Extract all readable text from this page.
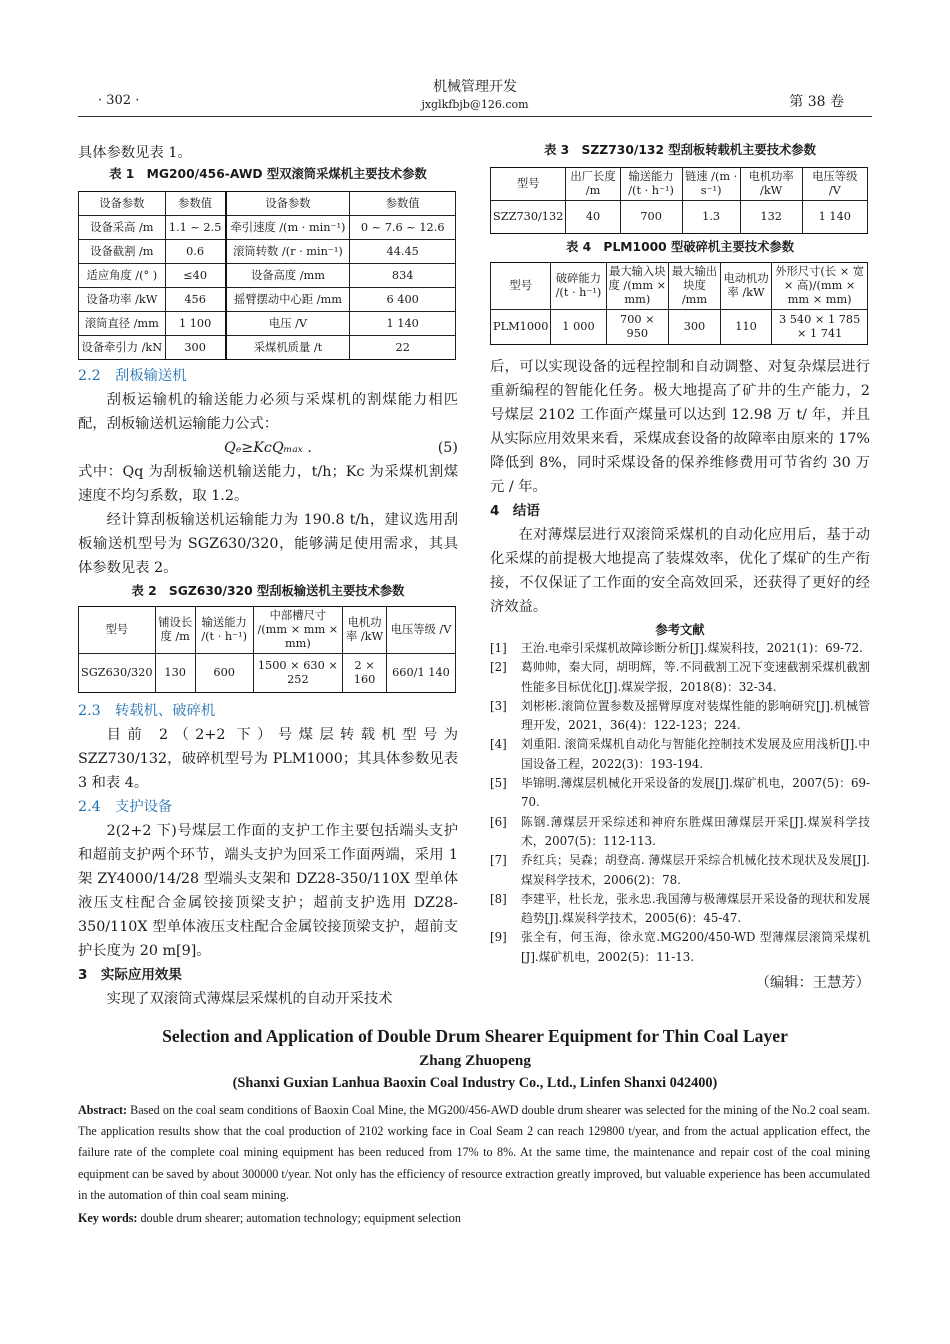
· 302 ·
机械管理开发
jxglkfbjb@126.com	第 38 卷

具体参数见表 1。

表 1　MG200/456-AWD 型双滚筒采煤机主要技术参数

设备参数	参数值	设备参数	参数值
设备采高 /m	1.1 ~ 2.5	牵引速度 /(m · min⁻¹)	0 ~ 7.6 ~ 12.6
设备截割 /m	0.6	滚筒转数 /(r · min⁻¹)	44.45
适应角度 /(° )	≤40	设备高度 /mm	834
设备功率 /kW	456	摇臂摆动中心距 /mm	6 400
滚筒直径 /mm	1 100	电压 /V	1 140
设备牵引力 /kN	300	采煤机质量 /t	22

2.2　刮板输送机

刮板运输机的输送能力必须与采煤机的割煤能力相匹配，刮板输送机运输能力公式：

Qₑ≥KᴄQₘₐₓ .	(5)

式中：Qq 为刮板输送机输送能力，t/h；Kc 为采煤机割煤速度不均匀系数，取 1.2。

经计算刮板输送机运输能力为 190.8 t/h，建议选用刮板输送机型号为 SGZ630/320，能够满足使用需求，其具体参数见表 2。

表 2　SGZ630/320 型刮板输送机主要技术参数

型号	铺设长度 /m	输送能力 /(t · h⁻¹)	中部槽尺寸 /(mm × mm × mm)	电机功率 /kW	电压等级 /V
SGZ630/320	130	600	1500 × 630 × 252	2 × 160	660/1 140

2.3　转载机、破碎机

目前 2（2+2 下）号煤层转载机型号为 SZZ730/132，破碎机型号为 PLM1000；其具体参数见表 3 和表 4。

2.4　支护设备

2(2+2 下)号煤层工作面的支护工作主要包括端头支护和超前支护两个环节，端头支护为回采工作面两端，采用 1 架 ZY4000/14/28 型端头支架和 DZ28-350/110X 型单体液压支柱配合金属铰接顶梁支护；超前支护选用 DZ28-350/110X 型单体液压支柱配合金属铰接顶梁支护，超前支护长度为 20 m[9]。

3　实际应用效果

实现了双滚筒式薄煤层采煤机的自动开采技术

表 3　SZZ730/132 型刮板转载机主要技术参数

型号	出厂长度 /m	输送能力 /(t · h⁻¹)	链速 /(m · s⁻¹)	电机功率 /kW	电压等级 /V
SZZ730/132	40	700	1.3	132	1 140

表 4　PLM1000 型破碎机主要技术参数

型号	破碎能力 /(t · h⁻¹)	最大输入块度 /(mm × mm)	最大输出块度 /mm	电动机功率 /kW	外形尺寸(长 × 宽 × 高)/(mm × mm × mm)
PLM1000	1 000	700 × 950	300	110	3 540 × 1 785 × 1 741

后，可以实现设备的远程控制和自动调整、对复杂煤层进行重新编程的智能化任务。极大地提高了矿井的生产能力，2 号煤层 2102 工作面产煤量可以达到 12.98 万 t/ 年，并且从实际应用效果来看，采煤成套设备的故障率由原来的 17%降低到 8%，同时采煤设备的保养维修费用可节省约 30 万元 / 年。

4　结语

在对薄煤层进行双滚筒采煤机的自动化应用后，基于动化采煤的前提极大地提高了装煤效率，优化了煤矿的生产衔接，不仅保证了工作面的安全高效回采，还获得了更好的经济效益。

参考文献

[1]	王治.电牵引采煤机故障诊断分析[J].煤炭科技，2021(1)：69-72.
[2]	葛帅帅，秦大同，胡明辉，等.不同截割工况下变速截割采煤机截割性能多目标优化[J].煤炭学报，2018(8)：32-34.
[3]	刘彬彬.滚筒位置参数及摇臂厚度对装煤性能的影响研究[J].机械管理开发，2021，36(4)：122-123；224.
[4]	刘重阳. 滚筒采煤机自动化与智能化控制技术发展及应用浅析[J].中国设备工程，2022(3)：193-194.
[5]	毕锦明.薄煤层机械化开采设备的发展[J].煤矿机电，2007(5)：69-70.
[6]	陈钢.薄煤层开采综述和神府东胜煤田薄煤层开采[J].煤炭科学技术，2007(5)：112-113.
[7]	乔红兵；吴森；胡登高. 薄煤层开采综合机械化技术现状及发展[J].煤炭科学技术，2006(2)：78.
[8]	李建平，杜长龙，张永忠.我国薄与极薄煤层开采设备的现状和发展趋势[J].煤炭科学技术，2005(6)：45-47.
[9]	张全有，何玉海，徐永宽.MG200/450-WD 型薄煤层滚筒采煤机[J].煤矿机电，2002(5)：11-13.

（编辑：王慧芳）

Selection and Application of Double Drum Shearer Equipment for Thin Coal Layer
Zhang Zhuopeng
(Shanxi Guxian Lanhua Baoxin Coal Industry Co., Ltd., Linfen Shanxi 042400)
Abstract: Based on the coal seam conditions of Baoxin Coal Mine, the MG200/456-AWD double drum shearer was selected for the mining of the No.2 coal seam. The application results show that the coal production of 2102 working face in Coal Seam 2 can reach 129800 t/year, and from the actual application effect, the failure rate of the complete coal mining equipment has been reduced from 17% to 8%. At the same time, the maintenance and repair cost of the coal mining equipment can be saved by about 300000 t/year. Not only has the efficiency of resource extraction greatly improved, but valuable experience has been accumulated in the automation of thin coal seam mining.
Key words: double drum shearer; automation technology; equipment selection
